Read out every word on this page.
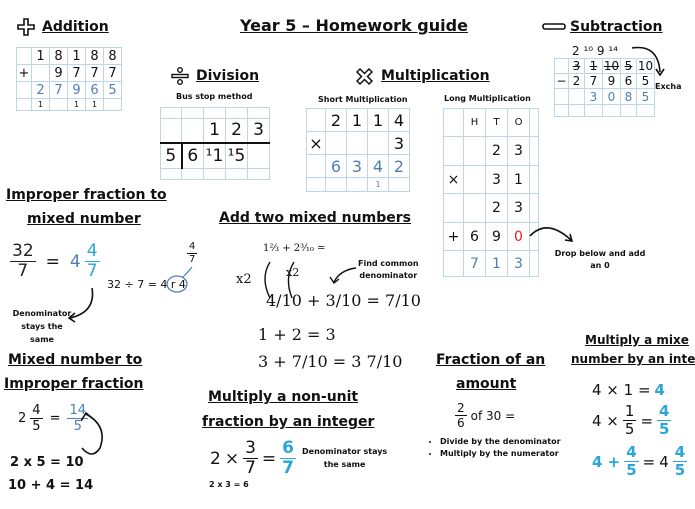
Year 5 – Homework guide
Addition
	1	8	1	8	8
+		9	7	7	7
	2	7	9	6	5
	1		1	1	
Subtraction
2 ¹⁰ 9 ¹⁴
	3	1	10	5	10
−	2	7	9	6	5
		3	0	8	5

Excha
Division
Bus stop method

		1	2	3
5	6	¹1	¹5	

Multiplication
Short Multiplication
	2	1	1	4
×				3
	6	3	4	2
			1	
Long Multiplication
	H	T	O	
		2	3	
×		3	1	
		2	3	
+	6	9	0	
	7	1	3	
Drop below and add an 0
Improper fraction to
mixed number
$\frac{32}{7} = 4 \frac{4}{7}$
32 ÷ 7 = 4 r 4
$\frac{4}{7}$
Denominator
stays the
same
Add two mixed numbers
1⅔ + 2³⁄₁₀ =
Find common
denominator
x2	x2
4/10 + 3/10 = 7/10
1 + 2 = 3
3 + 7/10 = 3 7/10
Mixed number to
Improper fraction
$2 \frac{4}{5} = \frac{14}{5}$
2 x 5 = 10
10 + 4 = 14
Multiply a non-unit
fraction by an integer
$2 \times \frac{3}{7} = \frac{6}{7}$ Denominator stays
the same
2 x 3 = 6
Fraction of an
amount
$\frac{2}{6}$ of 30 =
• Divide by the denominator
• Multiply by the numerator
Multiply a mixe
number by an inte
4 × 1 = 4
$4 \times \frac{1}{5} = \frac{4}{5}$
$4 + \frac{4}{5} = 4 \frac{4}{5}$
